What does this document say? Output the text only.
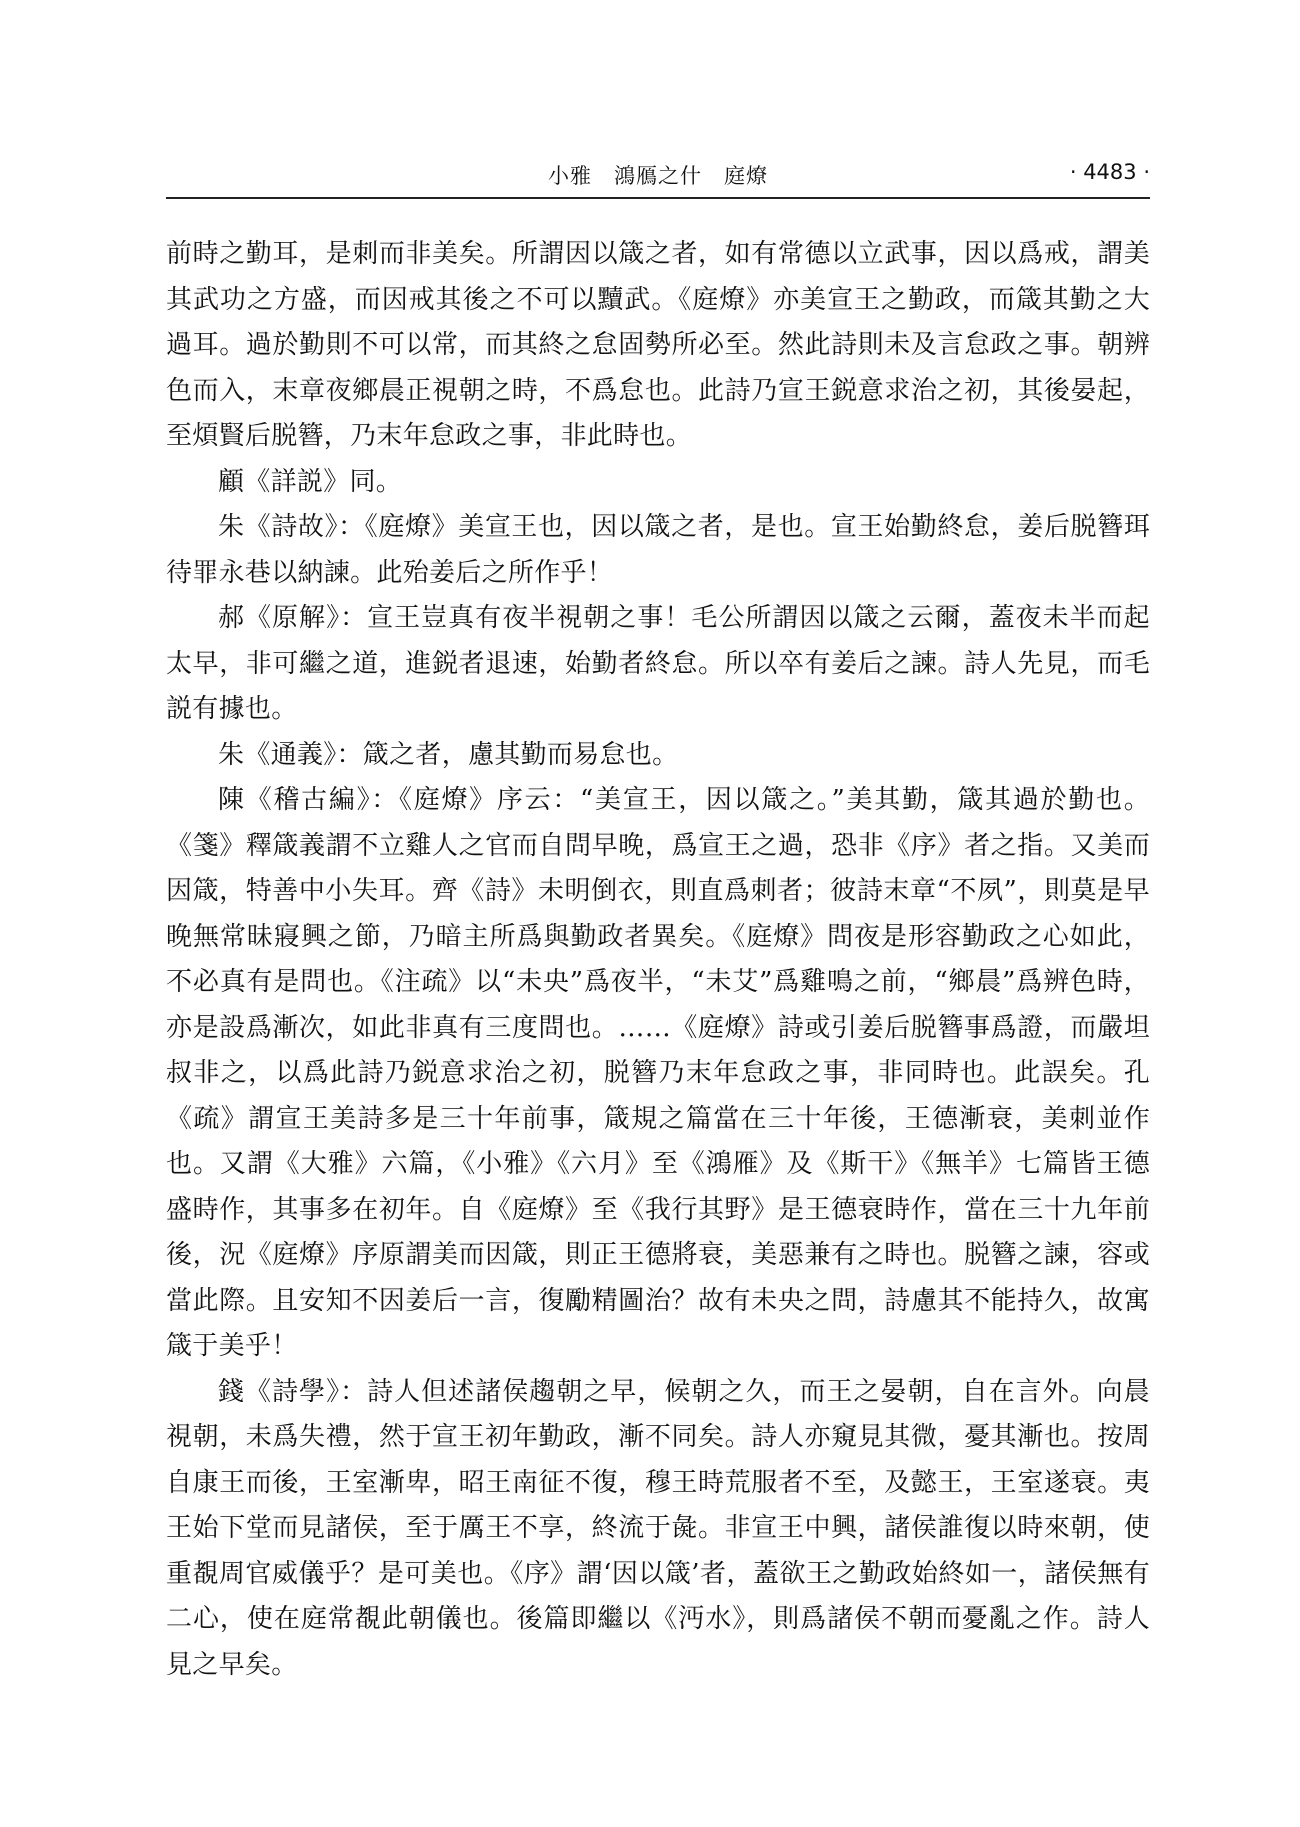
小雅　鴻鴈之什　庭燎	· 4483 ·

前時之勤耳，是刺而非美矣。所謂因以箴之者，如有常德以立武事，因以爲戒，謂美其武功之方盛，而因戒其後之不可以黷武。《庭燎》亦美宣王之勤政，而箴其勤之大過耳。過於勤則不可以常，而其終之怠固勢所必至。然此詩則未及言怠政之事。朝辨色而入，末章夜鄉晨正視朝之時，不爲怠也。此詩乃宣王鋭意求治之初，其後晏起，至煩賢后脱簪，乃末年怠政之事，非此時也。

顧《詳説》同。

朱《詩故》：《庭燎》美宣王也，因以箴之者，是也。宣王始勤終怠，姜后脱簪珥待罪永巷以納諫。此殆姜后之所作乎！

郝《原解》：宣王豈真有夜半視朝之事！毛公所謂因以箴之云爾，蓋夜未半而起太早，非可繼之道，進鋭者退速，始勤者終怠。所以卒有姜后之諫。詩人先見，而毛説有據也。

朱《通義》：箴之者，慮其勤而易怠也。

陳《稽古編》：《庭燎》序云：“美宣王，因以箴之。”美其勤，箴其過於勤也。《箋》釋箴義謂不立雞人之官而自問早晚，爲宣王之過，恐非《序》者之指。又美而因箴，特善中小失耳。齊《詩》未明倒衣，則直爲刺者；彼詩末章“不夙”，則莫是早晚無常昧寢興之節，乃暗主所爲與勤政者異矣。《庭燎》問夜是形容勤政之心如此，不必真有是問也。《注疏》以“未央”爲夜半，“未艾”爲雞鳴之前，“鄉晨”爲辨色時，亦是設爲漸次，如此非真有三度問也。……《庭燎》詩或引姜后脱簪事爲證，而嚴坦叔非之，以爲此詩乃鋭意求治之初，脱簪乃末年怠政之事，非同時也。此誤矣。孔《疏》謂宣王美詩多是三十年前事，箴規之篇當在三十年後，王德漸衰，美刺並作也。又謂《大雅》六篇，《小雅》《六月》至《鴻雁》及《斯干》《無羊》七篇皆王德盛時作，其事多在初年。自《庭燎》至《我行其野》是王德衰時作，當在三十九年前後，況《庭燎》序原謂美而因箴，則正王德將衰，美惡兼有之時也。脱簪之諫，容或當此際。且安知不因姜后一言，復勵精圖治？故有未央之問，詩慮其不能持久，故寓箴于美乎！

錢《詩學》：詩人但述諸侯趨朝之早，候朝之久，而王之晏朝，自在言外。向晨視朝，未爲失禮，然于宣王初年勤政，漸不同矣。詩人亦窺見其微，憂其漸也。按周自康王而後，王室漸卑，昭王南征不復，穆王時荒服者不至，及懿王，王室遂衰。夷王始下堂而見諸侯，至于厲王不享，終流于彘。非宣王中興，諸侯誰復以時來朝，使重覩周官威儀乎？是可美也。《序》謂‘因以箴’者，蓋欲王之勤政始終如一，諸侯無有二心，使在庭常覩此朝儀也。後篇即繼以《沔水》，則爲諸侯不朝而憂亂之作。詩人見之早矣。
